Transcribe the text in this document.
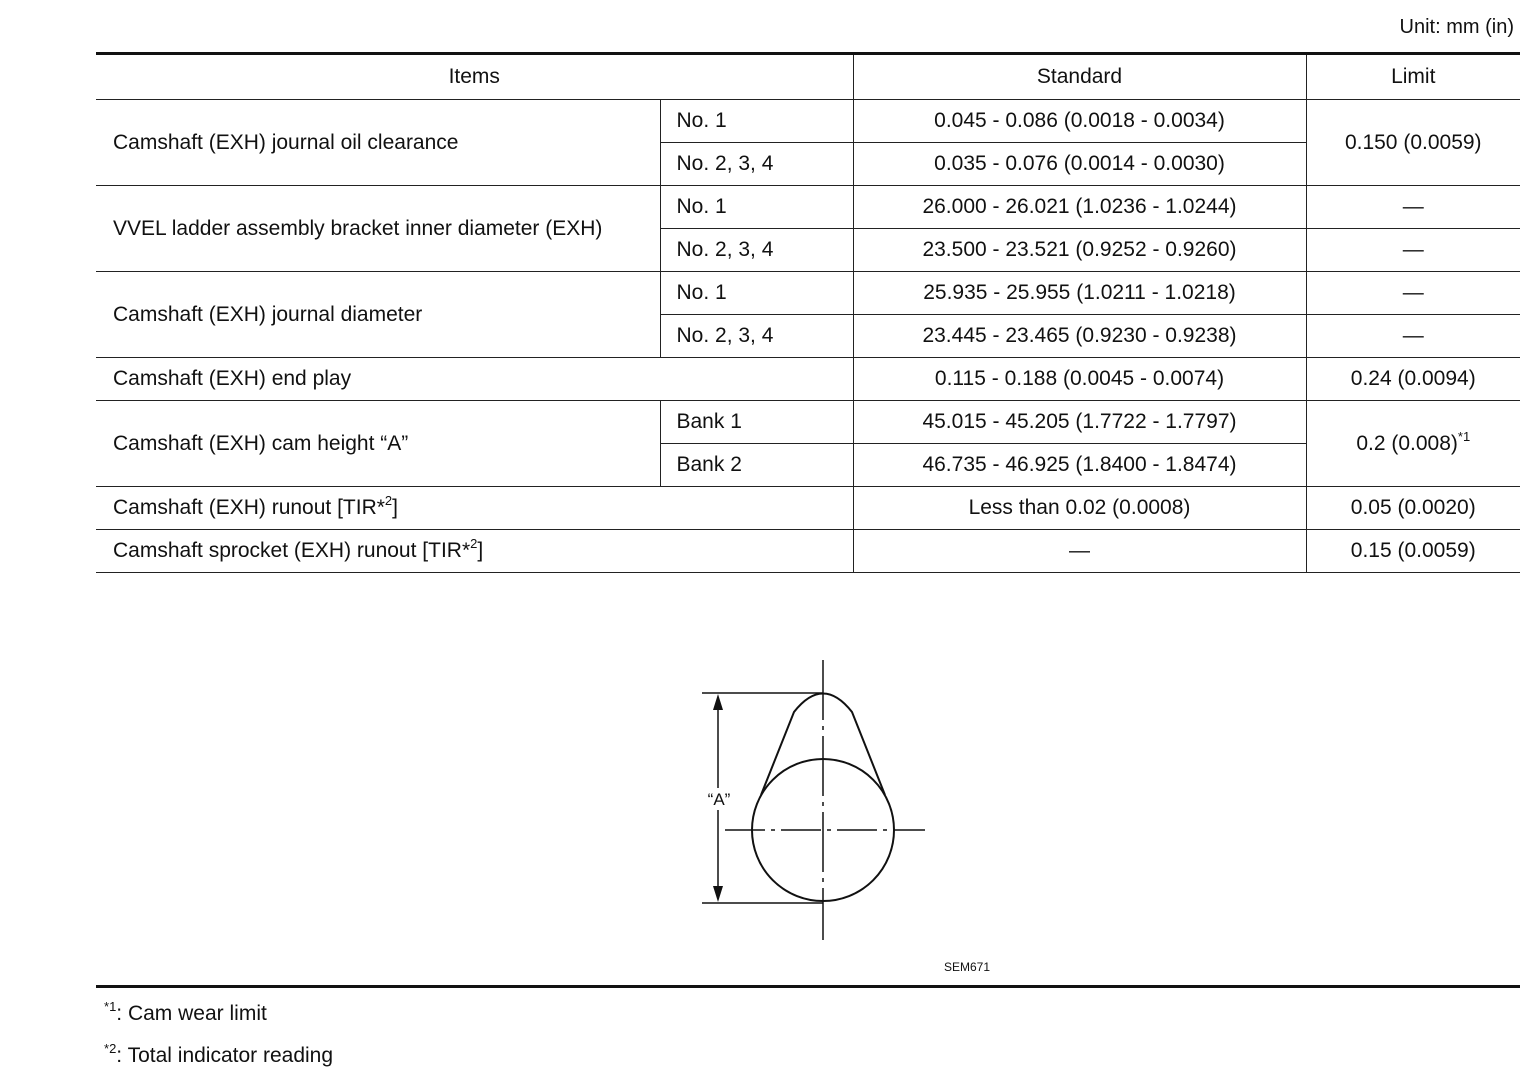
Unit: mm (in)
Items		Standard	Limit
Camshaft (EXH) journal oil clearance	No. 1	0.045 - 0.086 (0.0018 - 0.0034)	0.150 (0.0059)
	No. 2, 3, 4	0.035 - 0.076 (0.0014 - 0.0030)	
VVEL ladder assembly bracket inner diameter (EXH)	No. 1	26.000 - 26.021 (1.0236 - 1.0244)	—
	No. 2, 3, 4	23.500 - 23.521 (0.9252 - 0.9260)	—
Camshaft (EXH) journal diameter	No. 1	25.935 - 25.955 (1.0211 - 1.0218)	—
	No. 2, 3, 4	23.445 - 23.465 (0.9230 - 0.9238)	—
Camshaft (EXH) end play		0.115 - 0.188 (0.0045 - 0.0074)	0.24 (0.0094)
Camshaft (EXH) cam height “A”	Bank 1	45.015 - 45.205 (1.7722 - 1.7797)	0.2 $(0.008)^{*1}$
	Bank 2	46.735 - 46.925 (1.8400 - 1.8474)	
Camshaft (EXH) runout [TIR*$^2$]		Less than 0.02 (0.0008)	0.05 (0.0020)
Camshaft sprocket (EXH) runout [TIR*$^2$]		—	0.15 (0.0059)
“A”
SEM671
$^{*1}$: Cam wear limit
$^{*2}$: Total indicator reading
